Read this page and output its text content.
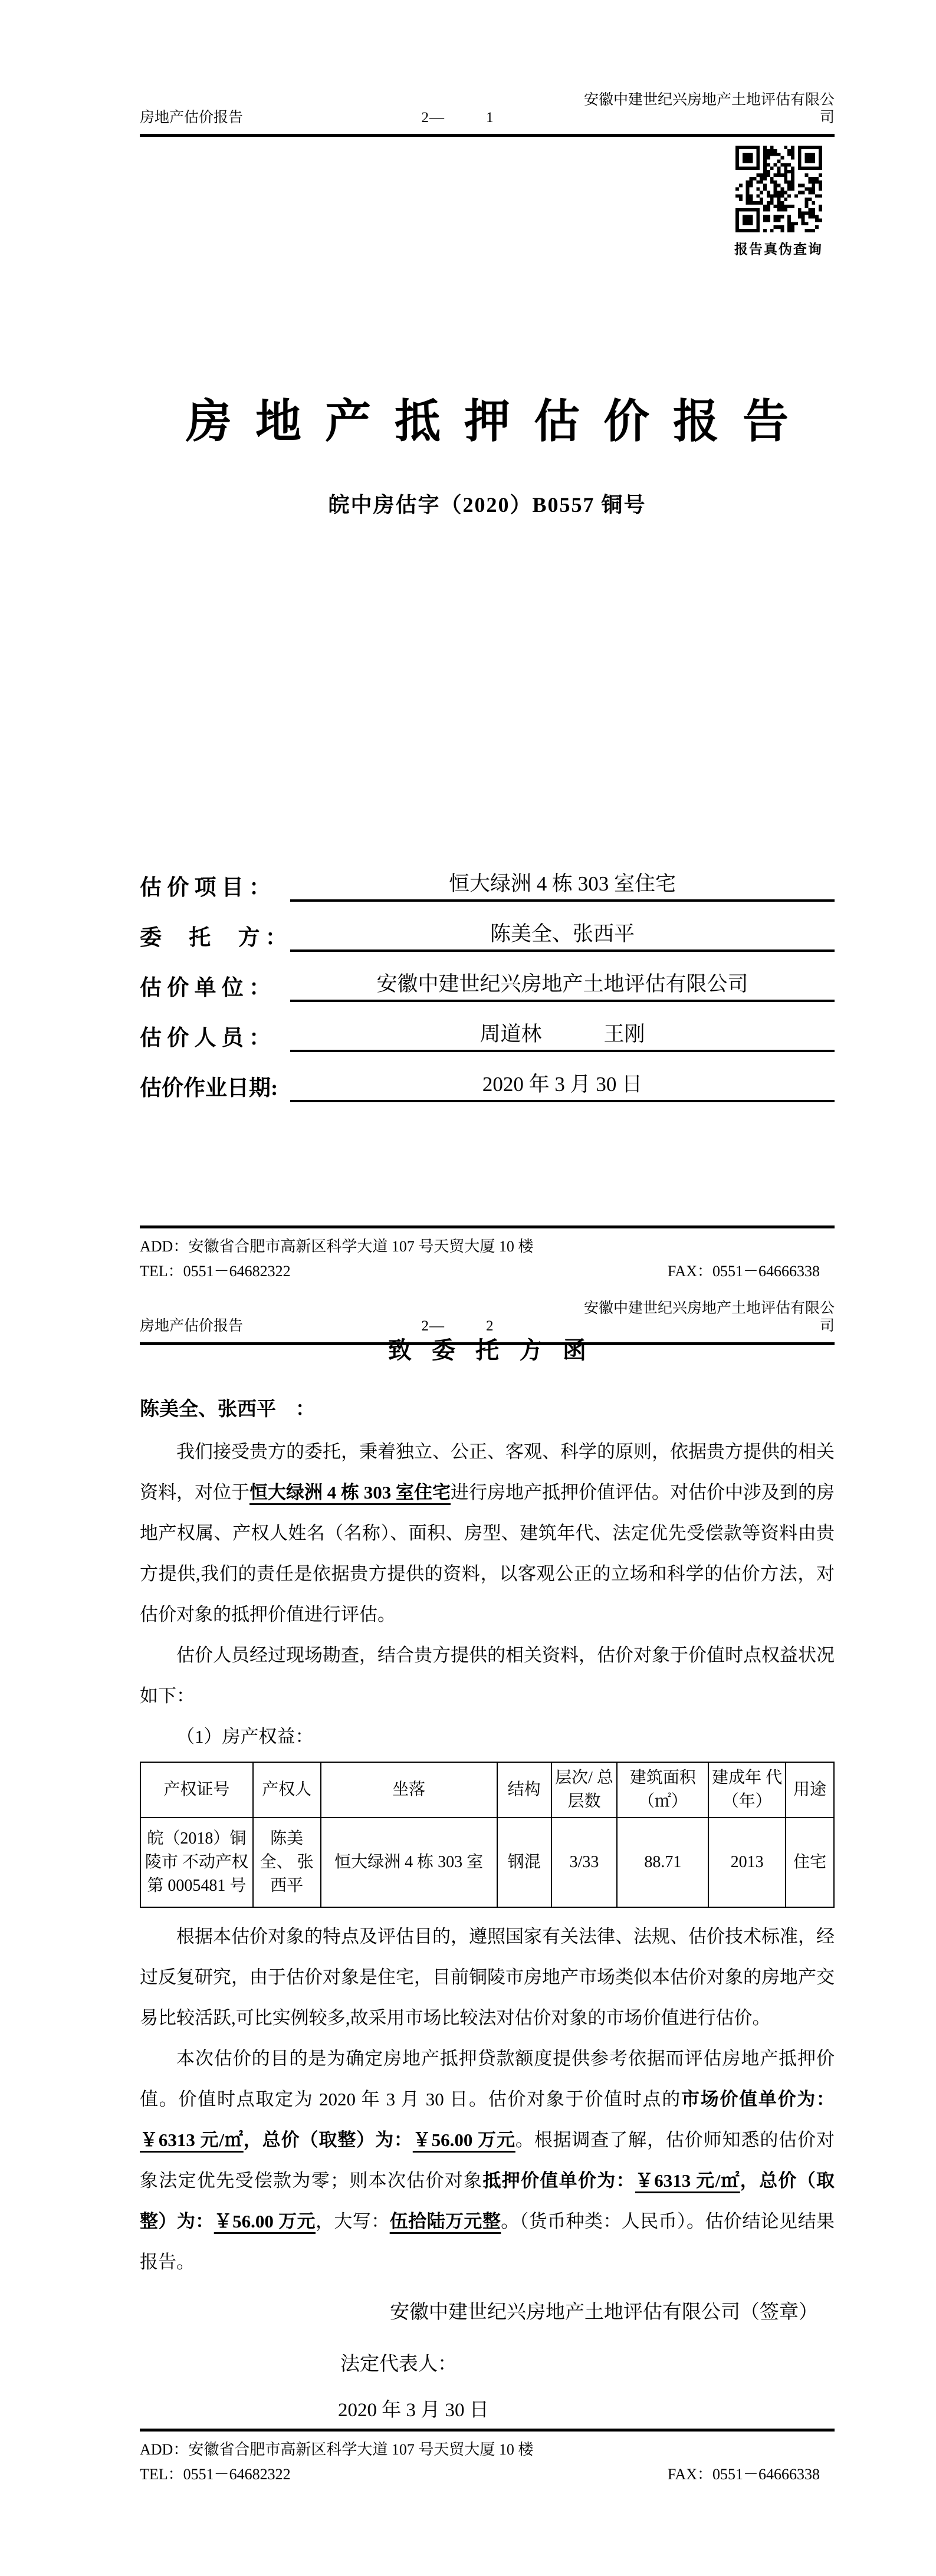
房地产估价报告	2—	1
安徽中建世纪兴房地产土地评估有限公司
报告真伪查询
房地产抵押估价报告
皖中房估字（2020）B0557 铜号
估 价 项 目 ：	恒大绿洲 4 栋 303 室住宅
委　 托 　方 ：	陈美全、张西平
估 价 单 位 ：	安徽中建世纪兴房地产土地评估有限公司
估 价 人 员 ：	周道林　　　王刚
估价作业日期:	2020 年 3 月 30 日
ADD：安徽省合肥市高新区科学大道 107 号天贸大厦 10 楼
TEL：0551－64682322	FAX：0551－64666338
房地产估价报告	2—	2
安徽中建世纪兴房地产土地评估有限公司
致委托方函
陈美全、张西平　：

我们接受贵方的委托，秉着独立、公正、客观、科学的原则，依据贵方提供的相关资料，对位于恒大绿洲 4 栋 303 室住宅进行房地产抵押价值评估。对估价中涉及到的房地产权属、产权人姓名（名称）、面积、房型、建筑年代、法定优先受偿款等资料由贵方提供,我们的责任是依据贵方提供的资料，以客观公正的立场和科学的估价方法，对估价对象的抵押价值进行评估。

估价人员经过现场勘查，结合贵方提供的相关资料，估价对象于价值时点权益状况如下：

（1）房产权益：

产权证号	产权人	坐落	结构	层次/ 总层数	建筑面积 （㎡）	建成年 代（年）	用途
皖（2018）铜陵市 不动产权第 0005481 号	陈美全、 张西平	恒大绿洲 4 栋 303 室	钢混	3/33	88.71	2013	住宅

根据本估价对象的特点及评估目的，遵照国家有关法律、法规、估价技术标准，经过反复研究，由于估价对象是住宅，目前铜陵市房地产市场类似本估价对象的房地产交易比较活跃,可比实例较多,故采用市场比较法对估价对象的市场价值进行估价。

本次估价的目的是为确定房地产抵押贷款额度提供参考依据而评估房地产抵押价值。价值时点取定为 2020 年 3 月 30 日。估价对象于价值时点的市场价值单价为：￥6313 元/㎡，总价（取整）为：￥56.00 万元。根据调查了解，估价师知悉的估价对象法定优先受偿款为零；则本次估价对象抵押价值单价为：￥6313 元/㎡，总价（取整）为：￥56.00 万元，大写：伍拾陆万元整。（货币种类：人民币）。估价结论见结果报告。

安徽中建世纪兴房地产土地评估有限公司（签章）
法定代表人：
2020 年 3 月 30 日
ADD：安徽省合肥市高新区科学大道 107 号天贸大厦 10 楼
TEL：0551－64682322	FAX：0551－64666338
